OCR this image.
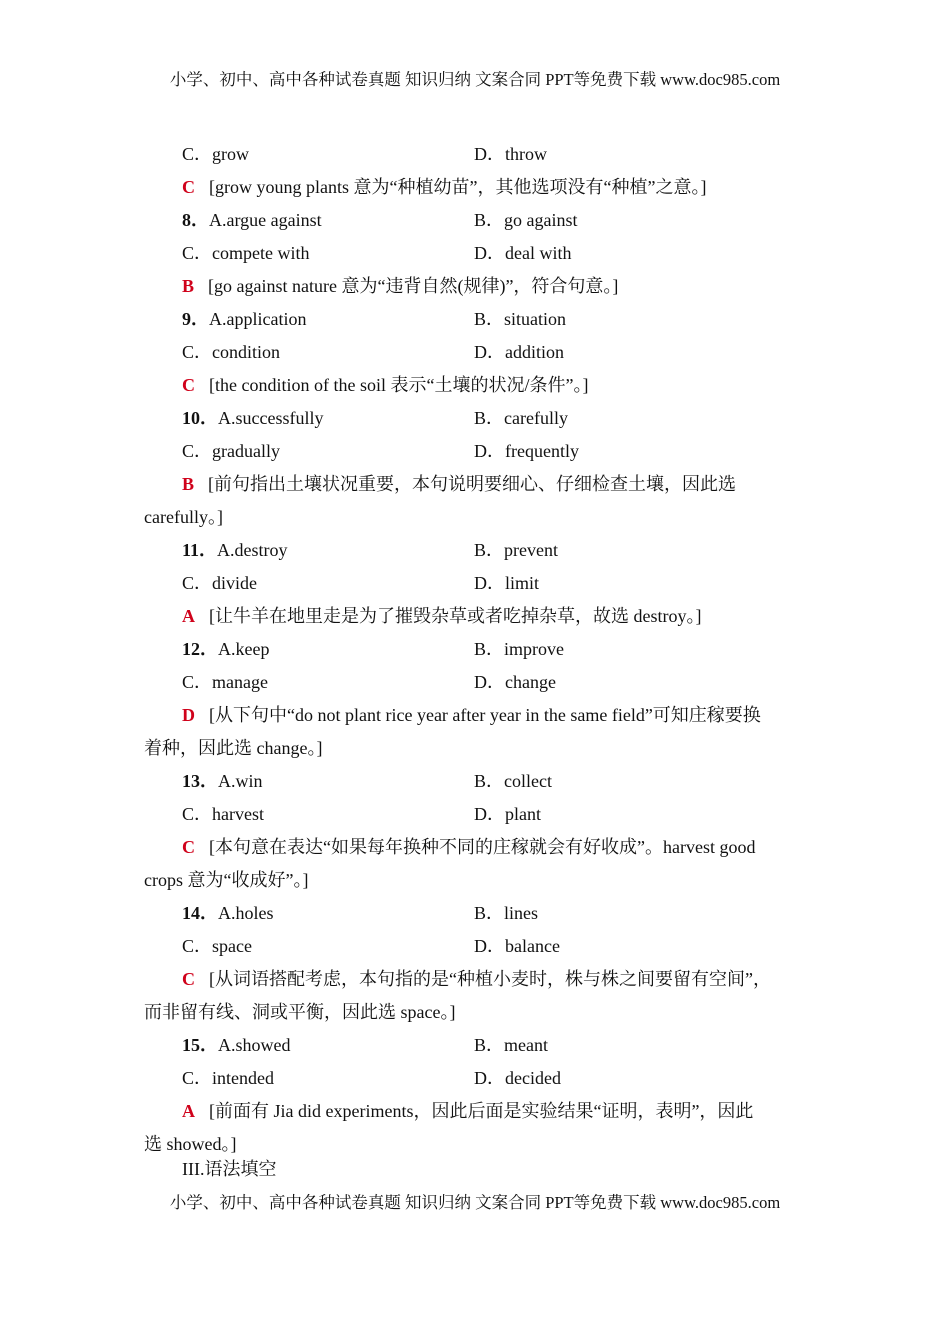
小学、初中、高中各种试卷真题 知识归纳 文案合同 PPT等免费下载 www.doc985.com
C．grow	D．throw
C [grow young plants 意为“种植幼苗”，其他选项没有“种植”之意。]
8．A.argue against	B．go against
C．compete with	D．deal with
B [go against nature 意为“违背自然(规律)”，符合句意。]
9．A.application	B．situation
C．condition	D．addition
C [the condition of the soil 表示“土壤的状况/条件”。]
10．A.successfully	B．carefully
C．gradually	D．frequently
B [前句指出土壤状况重要，本句说明要细心、仔细检查土壤，因此选
carefully。]
11．A.destroy	B．prevent
C．divide	D．limit
A [让牛羊在地里走是为了摧毁杂草或者吃掉杂草，故选 destroy。]
12．A.keep	B．improve
C．manage	D．change
D [从下句中“do not plant rice year after year in the same field”可知庄稼要换
着种，因此选 change。]
13．A.win	B．collect
C．harvest	D．plant
C [本句意在表达“如果每年换种不同的庄稼就会有好收成”。harvest good
crops 意为“收成好”。]
14．A.holes	B．lines
C．space	D．balance
C [从词语搭配考虑，本句指的是“种植小麦时，株与株之间要留有空间”，
而非留有线、洞或平衡，因此选 space。]
15．A.showed	B．meant
C．intended	D．decided
A [前面有 Jia did experiments，因此后面是实验结果“证明，表明”，因此
选 showed。]
III.语法填空
小学、初中、高中各种试卷真题 知识归纳 文案合同 PPT等免费下载 www.doc985.com
